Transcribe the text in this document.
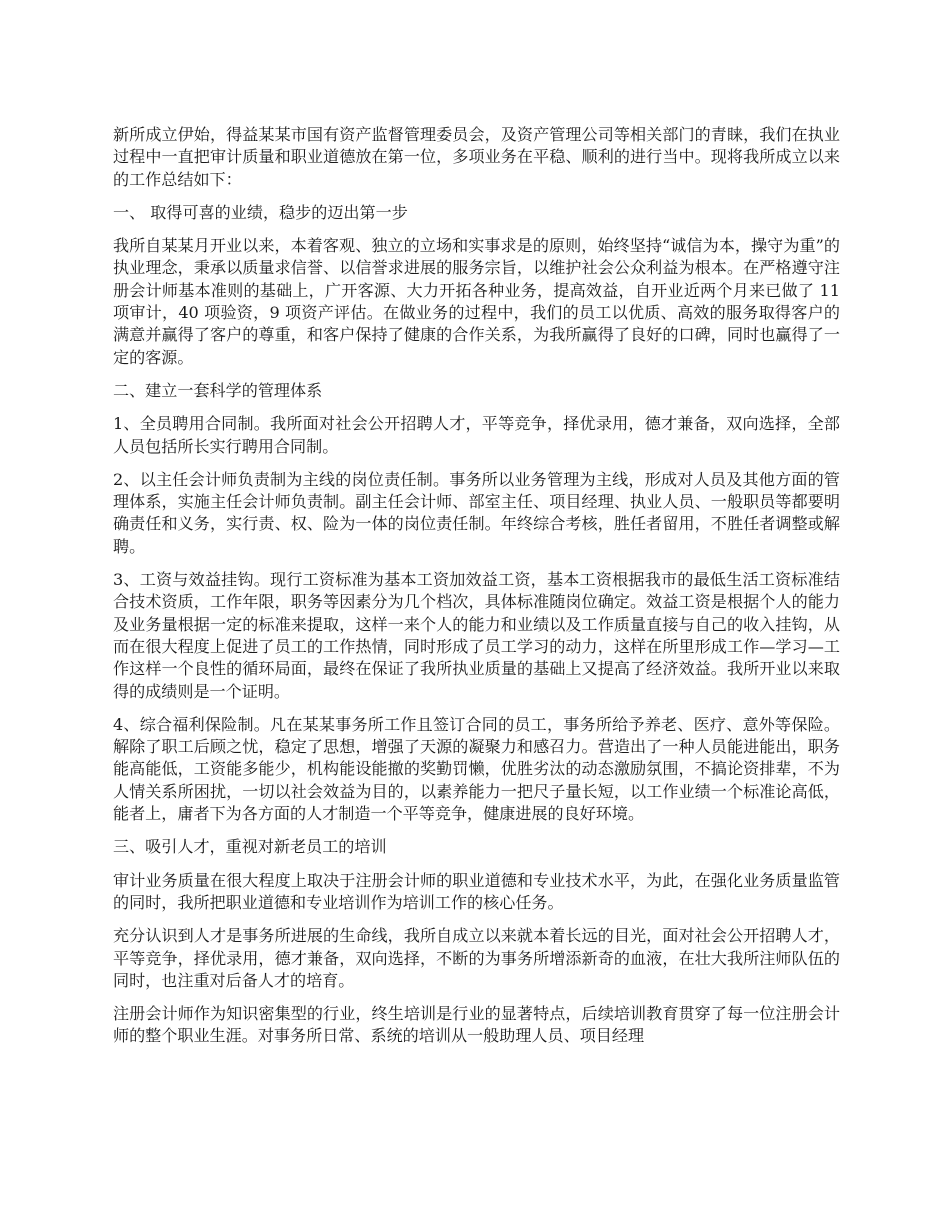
新所成立伊始，得益某某市国有资产监督管理委员会，及资产管理公司等相关部门的青睐，我们在执业过程中一直把审计质量和职业道德放在第一位，多项业务在平稳、顺利的进行当中。现将我所成立以来的工作总结如下：

一、 取得可喜的业绩，稳步的迈出第一步

我所自某某月开业以来，本着客观、独立的立场和实事求是的原则，始终坚持“诚信为本，操守为重”的执业理念，秉承以质量求信誉、以信誉求进展的服务宗旨，以维护社会公众利益为根本。在严格遵守注册会计师基本准则的基础上，广开客源、大力开拓各种业务，提高效益，自开业近两个月来已做了 11 项审计，40 项验资，9 项资产评估。在做业务的过程中，我们的员工以优质、高效的服务取得客户的满意并赢得了客户的尊重，和客户保持了健康的合作关系，为我所赢得了良好的口碑，同时也赢得了一定的客源。

二、建立一套科学的管理体系

1、全员聘用合同制。我所面对社会公开招聘人才，平等竞争，择优录用，德才兼备，双向选择，全部人员包括所长实行聘用合同制。

2、以主任会计师负责制为主线的岗位责任制。事务所以业务管理为主线，形成对人员及其他方面的管理体系，实施主任会计师负责制。副主任会计师、部室主任、项目经理、执业人员、一般职员等都要明确责任和义务，实行责、权、险为一体的岗位责任制。年终综合考核，胜任者留用，不胜任者调整或解聘。

3、工资与效益挂钩。现行工资标准为基本工资加效益工资，基本工资根据我市的最低生活工资标准结合技术资质，工作年限，职务等因素分为几个档次，具体标准随岗位确定。效益工资是根据个人的能力及业务量根据一定的标准来提取，这样一来个人的能力和业绩以及工作质量直接与自己的收入挂钩，从而在很大程度上促进了员工的工作热情，同时形成了员工学习的动力，这样在所里形成工作—学习—工作这样一个良性的循环局面，最终在保证了我所执业质量的基础上又提高了经济效益。我所开业以来取得的成绩则是一个证明。

4、综合福利保险制。凡在某某事务所工作且签订合同的员工，事务所给予养老、医疗、意外等保险。解除了职工后顾之忧，稳定了思想，增强了天源的凝聚力和感召力。营造出了一种人员能进能出，职务能高能低，工资能多能少，机构能设能撤的奖勤罚懒，优胜劣汰的动态激励氛围，不搞论资排辈，不为人情关系所困扰，一切以社会效益为目的，以素养能力一把尺子量长短，以工作业绩一个标准论高低，能者上，庸者下为各方面的人才制造一个平等竞争，健康进展的良好环境。

三、吸引人才，重视对新老员工的培训

审计业务质量在很大程度上取决于注册会计师的职业道德和专业技术水平，为此，在强化业务质量监管的同时，我所把职业道德和专业培训作为培训工作的核心任务。

充分认识到人才是事务所进展的生命线，我所自成立以来就本着长远的目光，面对社会公开招聘人才，平等竞争，择优录用，德才兼备，双向选择，不断的为事务所增添新奇的血液，在壮大我所注师队伍的同时，也注重对后备人才的培育。

注册会计师作为知识密集型的行业，终生培训是行业的显著特点，后续培训教育贯穿了每一位注册会计师的整个职业生涯。对事务所日常、系统的培训从一般助理人员、项目经理
